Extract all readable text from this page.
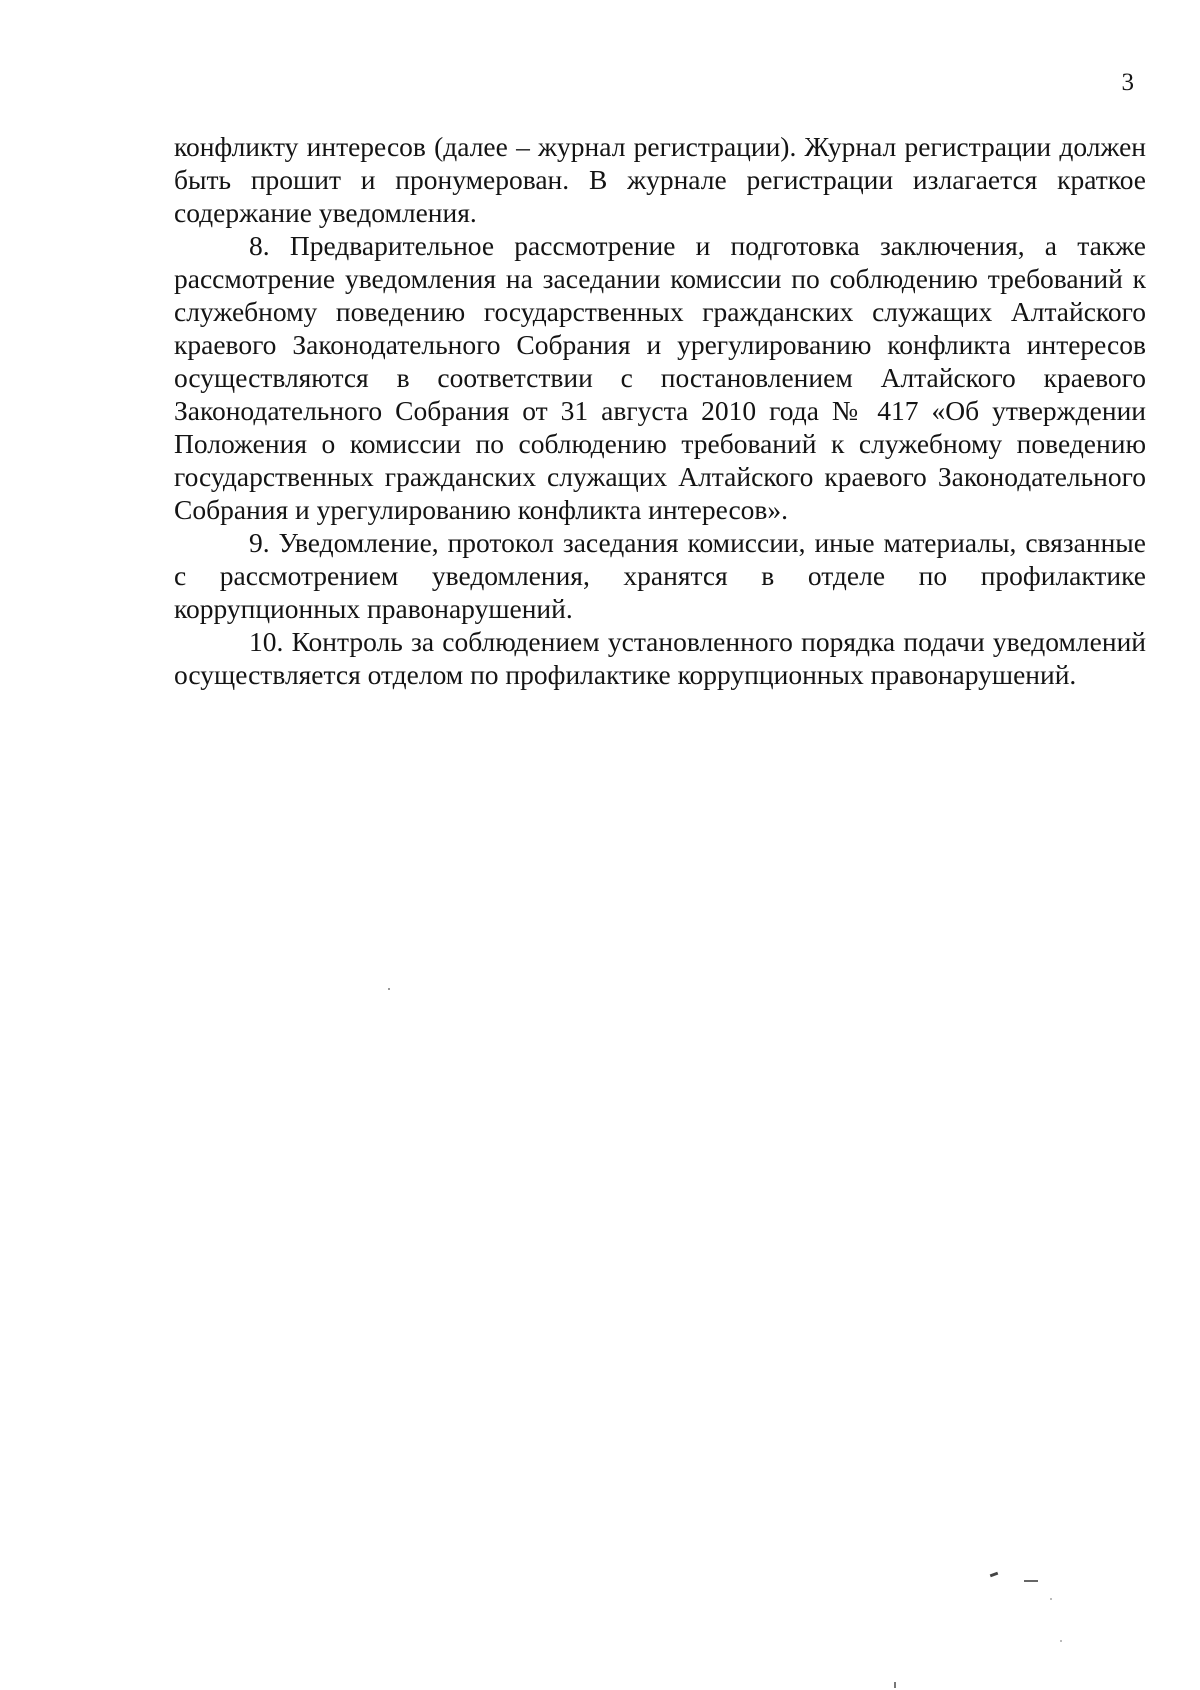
3

конфликту интересов (далее – журнал регистрации). Журнал регистрации должен быть прошит и пронумерован. В журнале регистрации излагается краткое содержание уведомления.

8. Предварительное рассмотрение и подготовка заключения, а также рассмотрение уведомления на заседании комиссии по соблюдению требований к служебному поведению государственных гражданских служащих Алтайского краевого Законодательного Собрания и урегулированию конфликта интересов осуществляются в соответствии с постановлением Алтайского краевого Законодательного Собрания от 31 августа 2010 года № 417 «Об утверждении Положения о комиссии по соблюдению требований к служебному поведению государственных гражданских служащих Алтайского краевого Законодательного Собрания и урегулированию конфликта интересов».

9. Уведомление, протокол заседания комиссии, иные материалы, связанные с рассмотрением уведомления, хранятся в отделе по профилактике коррупционных правонарушений.

10. Контроль за соблюдением установленного порядка подачи уведомлений осуществляется отделом по профилактике коррупционных правонарушений.
